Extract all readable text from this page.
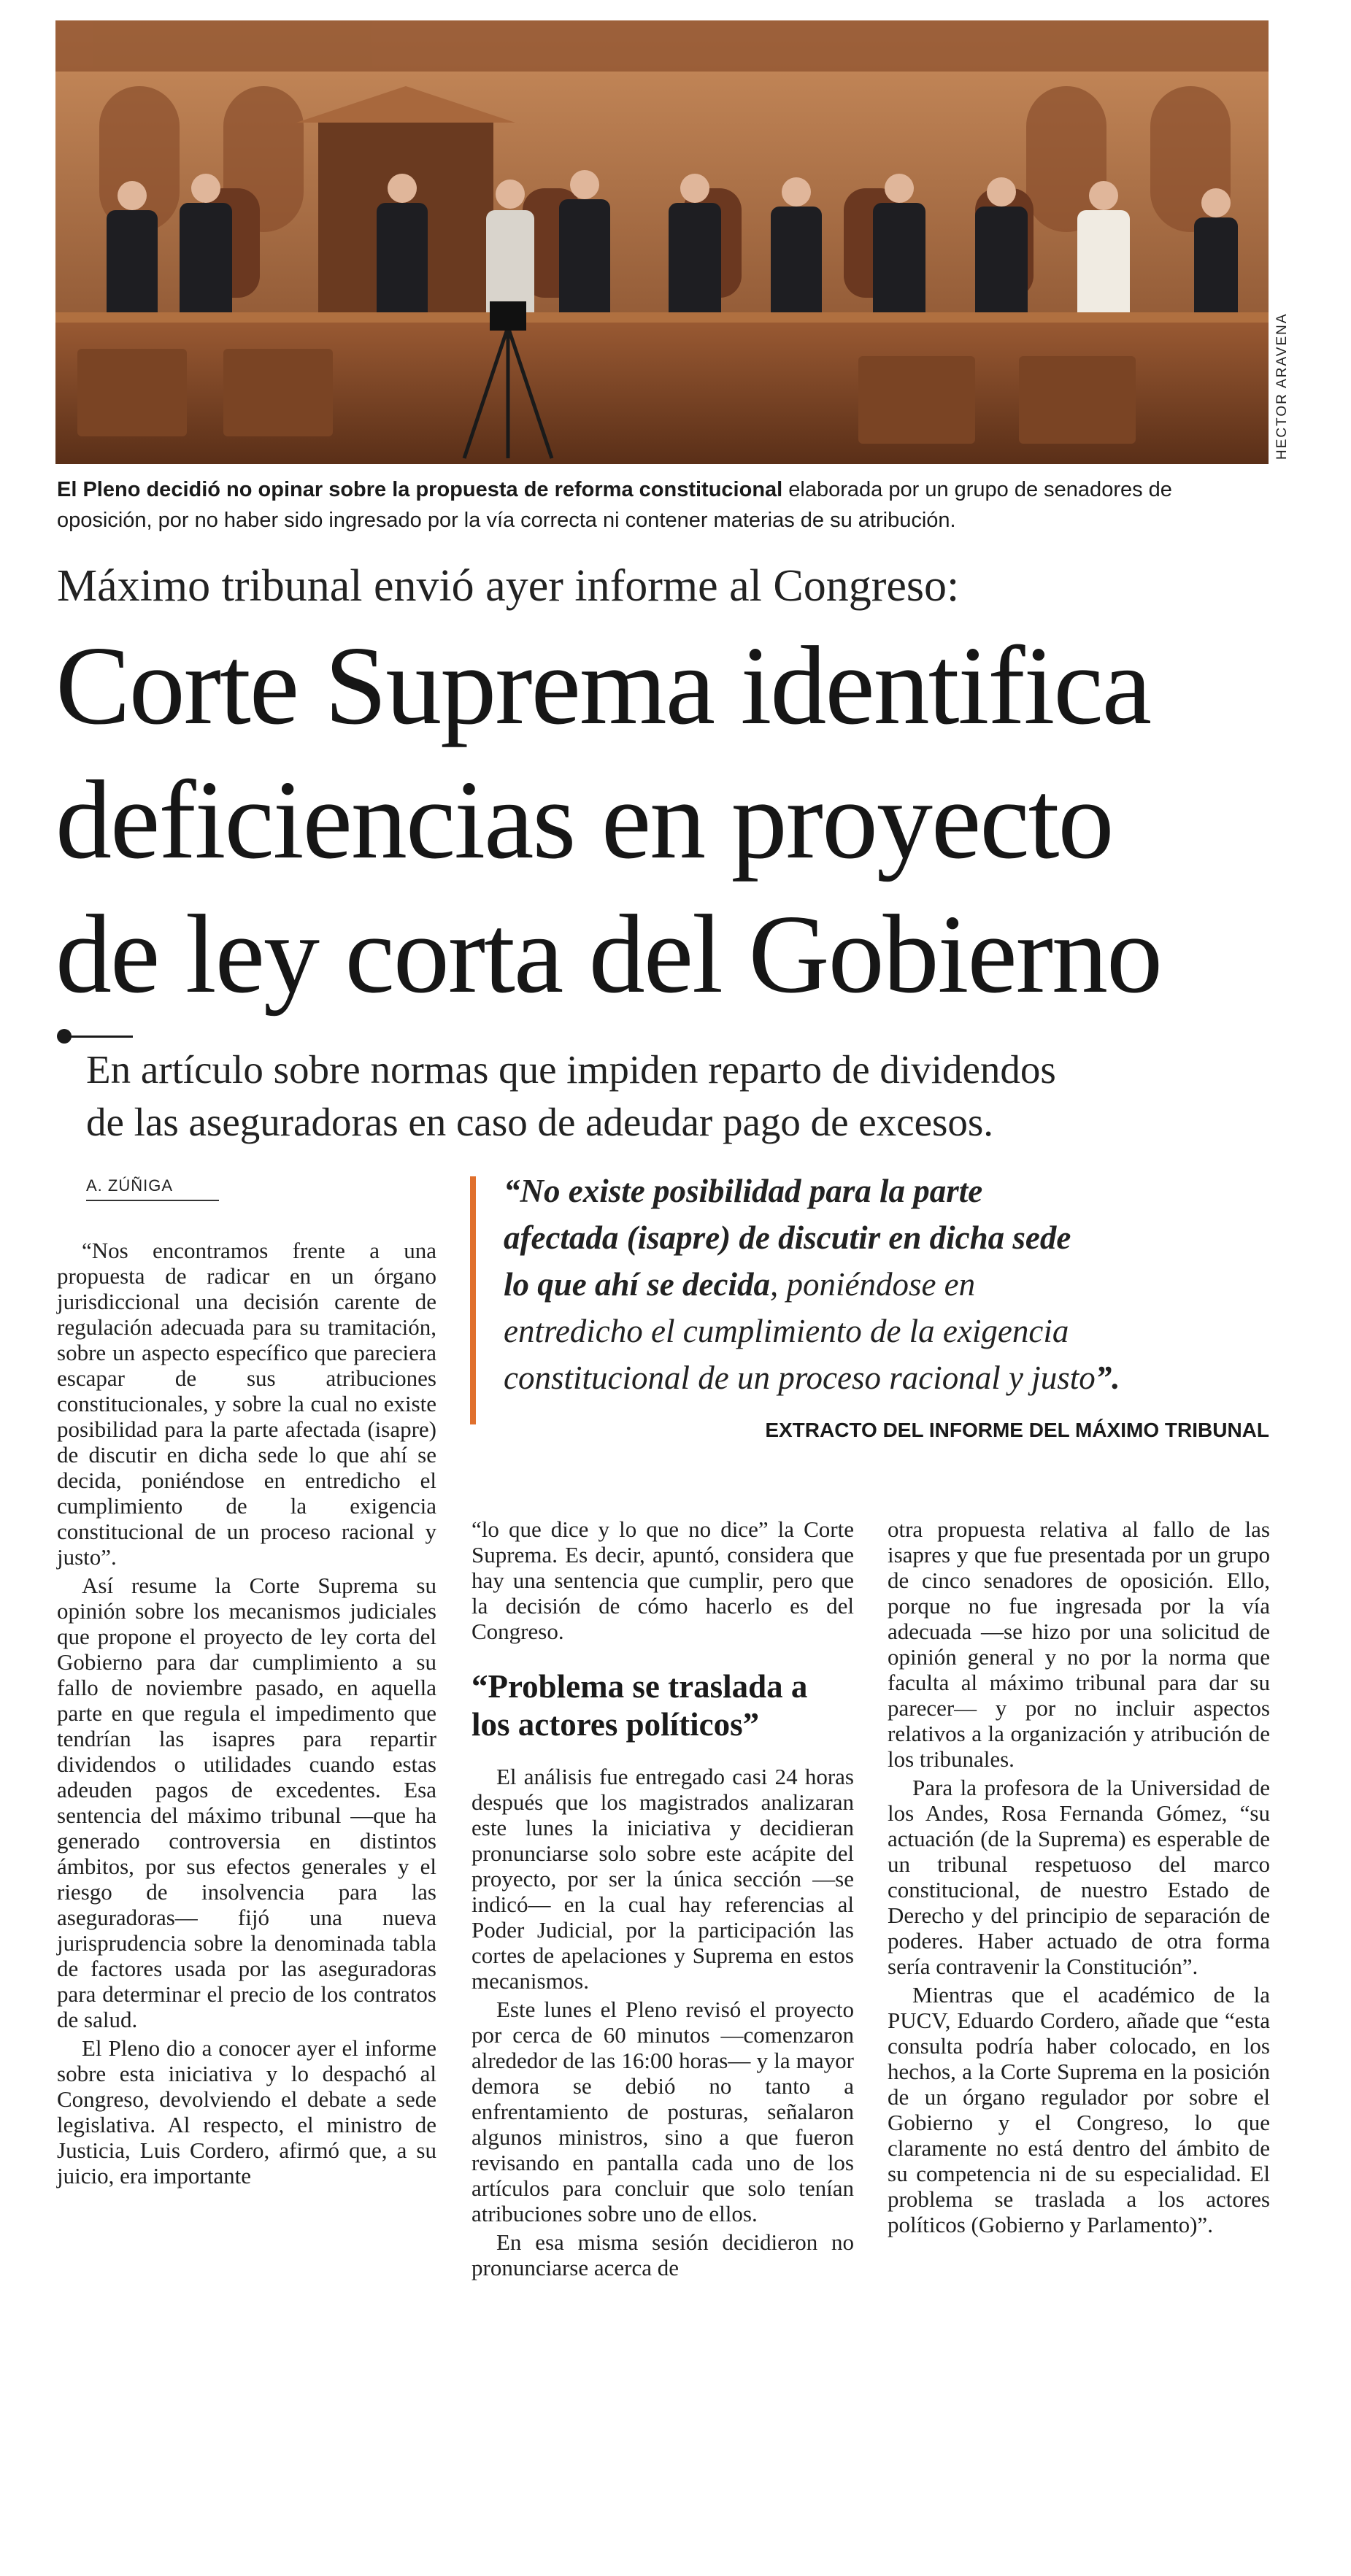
HECTOR ARAVENA
El Pleno decidió no opinar sobre la propuesta de reforma constitucional elaborada por un grupo de senadores de oposición, por no haber sido ingresado por la vía correcta ni contener materias de su atribución.
Máximo tribunal envió ayer informe al Congreso:
Corte Suprema identifica
deficiencias en proyecto
de ley corta del Gobierno
En artículo sobre normas que impiden reparto de dividendos
de las aseguradoras en caso de adeudar pago de excesos.
A. ZÚÑIGA	“No existe posibilidad para la parte
afectada (isapre) de discutir en dicha sede
lo que ahí se decida, poniéndose en
entredicho el cumplimiento de la exigencia
constitucional de un proceso racional y justo”.
EXTRACTO DEL INFORME DEL MÁXIMO TRIBUNAL

“Nos encontramos frente a una propuesta de radicar en un órgano jurisdiccional una decisión carente de regulación adecuada para su tramitación, sobre un aspecto específico que pareciera escapar de sus atribuciones constitucionales, y sobre la cual no existe posibilidad para la parte afectada (isapre) de discutir en dicha sede lo que ahí se decida, poniéndose en entredicho el cumplimiento de la exigencia constitucional de un proceso racional y justo”.

Así resume la Corte Suprema su opinión sobre los mecanismos judiciales que propone el proyecto de ley corta del Gobierno para dar cumplimiento a su fallo de noviembre pasado, en aquella parte en que regula el impedimento que tendrían las isapres para repartir dividendos o utilidades cuando estas adeuden pagos de excedentes. Esa sentencia del máximo tribunal —que ha generado controversia en distintos ámbitos, por sus efectos generales y el riesgo de insolvencia para las aseguradoras— fijó una nueva jurisprudencia sobre la denominada tabla de factores usada por las aseguradoras para determinar el precio de los contratos de salud.

El Pleno dio a conocer ayer el informe sobre esta iniciativa y lo despachó al Congreso, devolviendo el debate a sede legislativa. Al respecto, el ministro de Justicia, Luis Cordero, afirmó que, a su juicio, era importante

“lo que dice y lo que no dice” la Corte Suprema. Es decir, apuntó, considera que hay una sentencia que cumplir, pero que la decisión de cómo hacerlo es del Congreso.

“Problema se traslada a los actores políticos”

El análisis fue entregado casi 24 horas después que los magistrados analizaran este lunes la iniciativa y decidieran pronunciarse solo sobre este acápite del proyecto, por ser la única sección —se indicó— en la cual hay referencias al Poder Judicial, por la participación las cortes de apelaciones y Suprema en estos mecanismos.

Este lunes el Pleno revisó el proyecto por cerca de 60 minutos —comenzaron alrededor de las 16:00 horas— y la mayor demora se debió no tanto a enfrentamiento de posturas, señalaron algunos ministros, sino a que fueron revisando en pantalla cada uno de los artículos para concluir que solo tenían atribuciones sobre uno de ellos.

En esa misma sesión decidieron no pronunciarse acerca de

otra propuesta relativa al fallo de las isapres y que fue presentada por un grupo de cinco senadores de oposición. Ello, porque no fue ingresada por la vía adecuada —se hizo por una solicitud de opinión general y no por la norma que faculta al máximo tribunal para dar su parecer— y por no incluir aspectos relativos a la organización y atribución de los tribunales.

Para la profesora de la Universidad de los Andes, Rosa Fernanda Gómez, “su actuación (de la Suprema) es esperable de un tribunal respetuoso del marco constitucional, de nuestro Estado de Derecho y del principio de separación de poderes. Haber actuado de otra forma sería contravenir la Constitución”.

Mientras que el académico de la PUCV, Eduardo Cordero, añade que “esta consulta podría haber colocado, en los hechos, a la Corte Suprema en la posición de un órgano regulador por sobre el Gobierno y el Congreso, lo que claramente no está dentro del ámbito de su competencia ni de su especialidad. El problema se traslada a los actores políticos (Gobierno y Parlamento)”.
